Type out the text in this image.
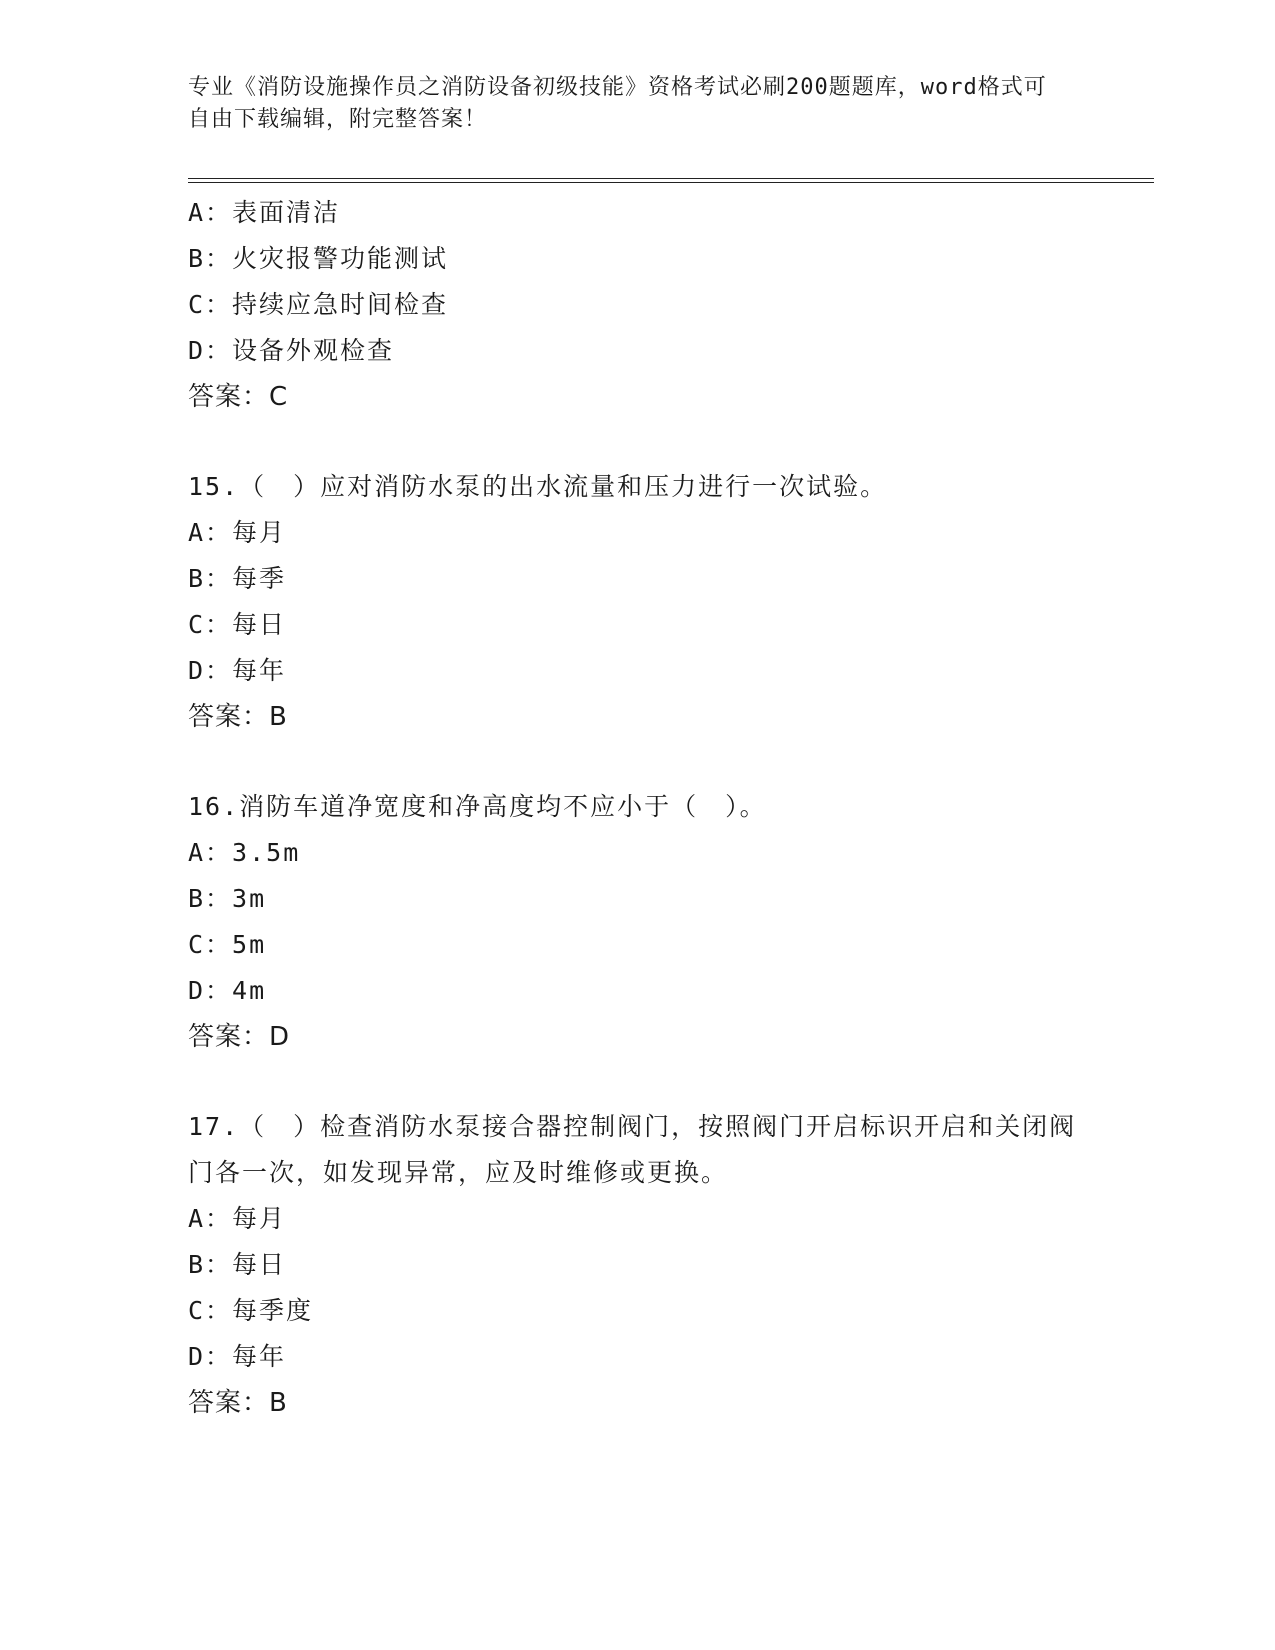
专业《消防设施操作员之消防设备初级技能》资格考试必刷200题题库，word格式可自由下载编辑，附完整答案！
A：表面清洁
B：火灾报警功能测试
C：持续应急时间检查
D：设备外观检查
答案：C
15.（　）应对消防水泵的出水流量和压力进行一次试验。
A：每月
B：每季
C：每日
D：每年
答案：B
16.消防车道净宽度和净高度均不应小于（　）。
A：3.5m
B：3m
C：5m
D：4m
答案：D
17.（　）检查消防水泵接合器控制阀门，按照阀门开启标识开启和关闭阀门各一次，如发现异常，应及时维修或更换。
A：每月
B：每日
C：每季度
D：每年
答案：B
